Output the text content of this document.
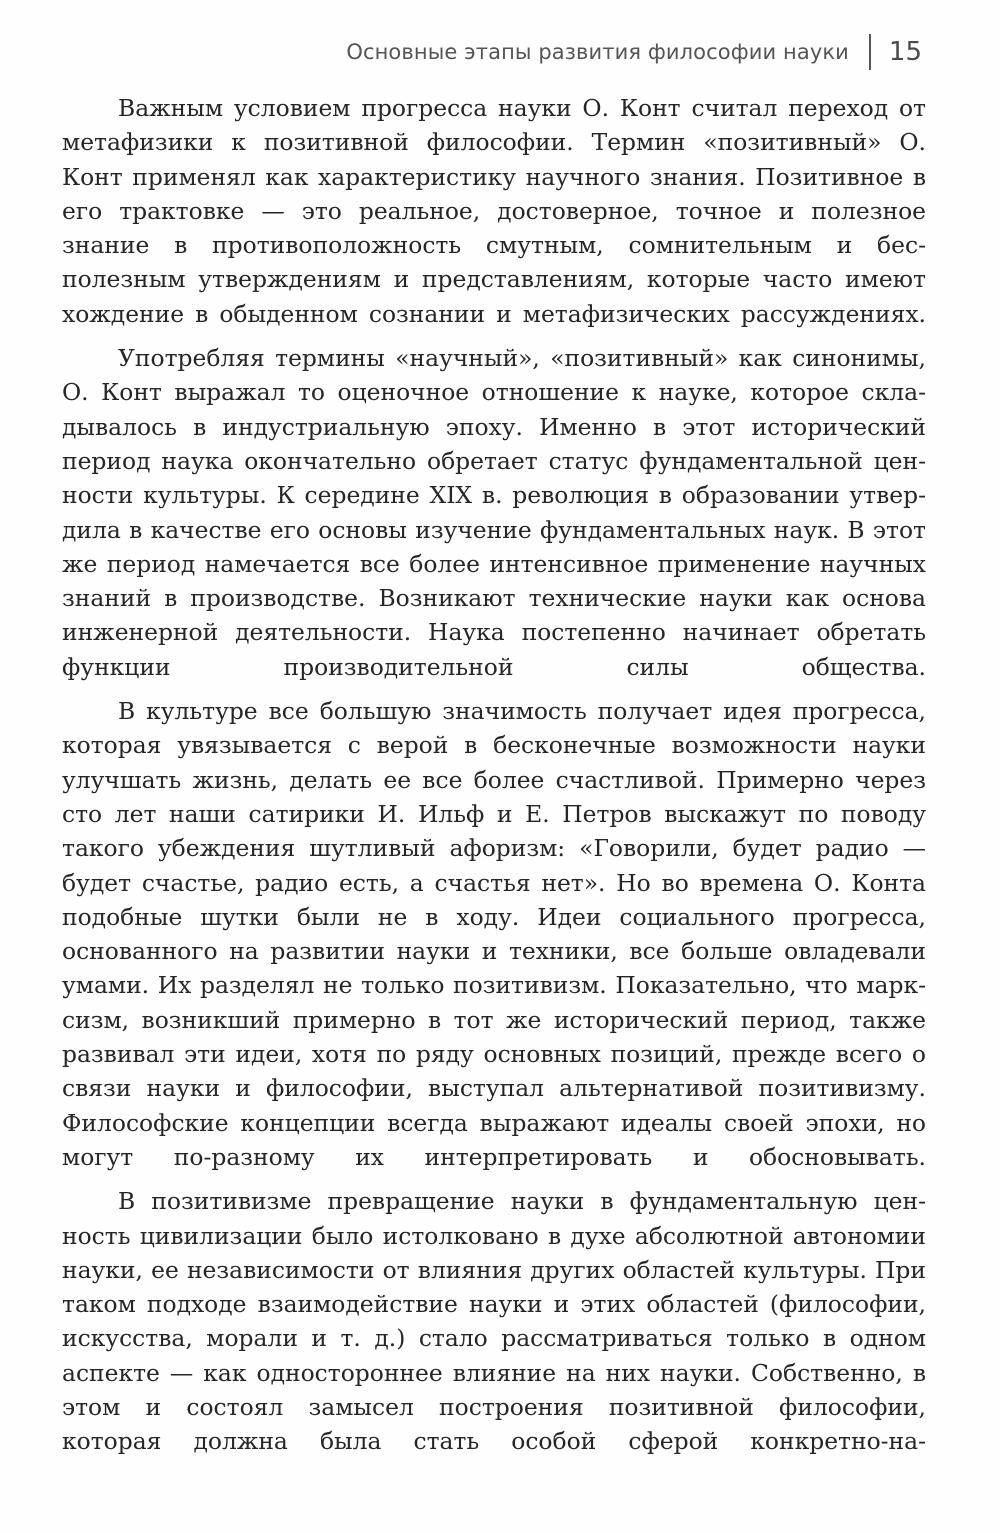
Основные этапы развития философии науки 15

Важным условием прогресса науки О. Конт считал переход от метафизики к позитивной философии. Термин «позитивный» О. Конт применял как характеристику научного знания. Позитивное в его трактовке — это реальное, достоверное, точное и полезное знание в противоположность смутным, сомнительным и бесполезным утверждениям и представлениям, которые часто имеют хождение в обыденном сознании и метафизических рассуждениях.

Употребляя термины «научный», «позитивный» как синонимы, О. Конт выражал то оценочное отношение к науке, которое складывалось в индустриальную эпоху. Именно в этот исторический период наука окончательно обретает статус фундаментальной ценности культуры. К середине XIX в. революция в образовании утвердила в качестве его основы изучение фундаментальных наук. В этот же период намечается все более интенсивное применение научных знаний в производстве. Возникают технические науки как основа инженерной деятельности. Наука постепенно начинает обретать функции производительной силы общества.

В культуре все большую значимость получает идея прогресса, которая увязывается с верой в бесконечные возможности науки улучшать жизнь, делать ее все более счастливой. Примерно через сто лет наши сатирики И. Ильф и Е. Петров выскажут по поводу такого убеждения шутливый афоризм: «Говорили, будет радио — будет счастье, радио есть, а счастья нет». Но во времена О. Конта подобные шутки были не в ходу. Идеи социального прогресса, основанного на развитии науки и техники, все больше овладевали умами. Их разделял не только позитивизм. Показательно, что марксизм, возникший примерно в тот же исторический период, также развивал эти идеи, хотя по ряду основных позиций, прежде всего о связи науки и философии, выступал альтернативой позитивизму. Философские концепции всегда выражают идеалы своей эпохи, но могут по-разному их интерпретировать и обосновывать.

В позитивизме превращение науки в фундаментальную ценность цивилизации было истолковано в духе абсолютной автономии науки, ее независимости от влияния других областей культуры. При таком подходе взаимодействие науки и этих областей (философии, искусства, морали и т. д.) стало рассматриваться только в одном аспекте — как одностороннее влияние на них науки. Собственно, в этом и состоял замысел построения позитивной философии, которая должна была стать особой сферой конкретно-на-
